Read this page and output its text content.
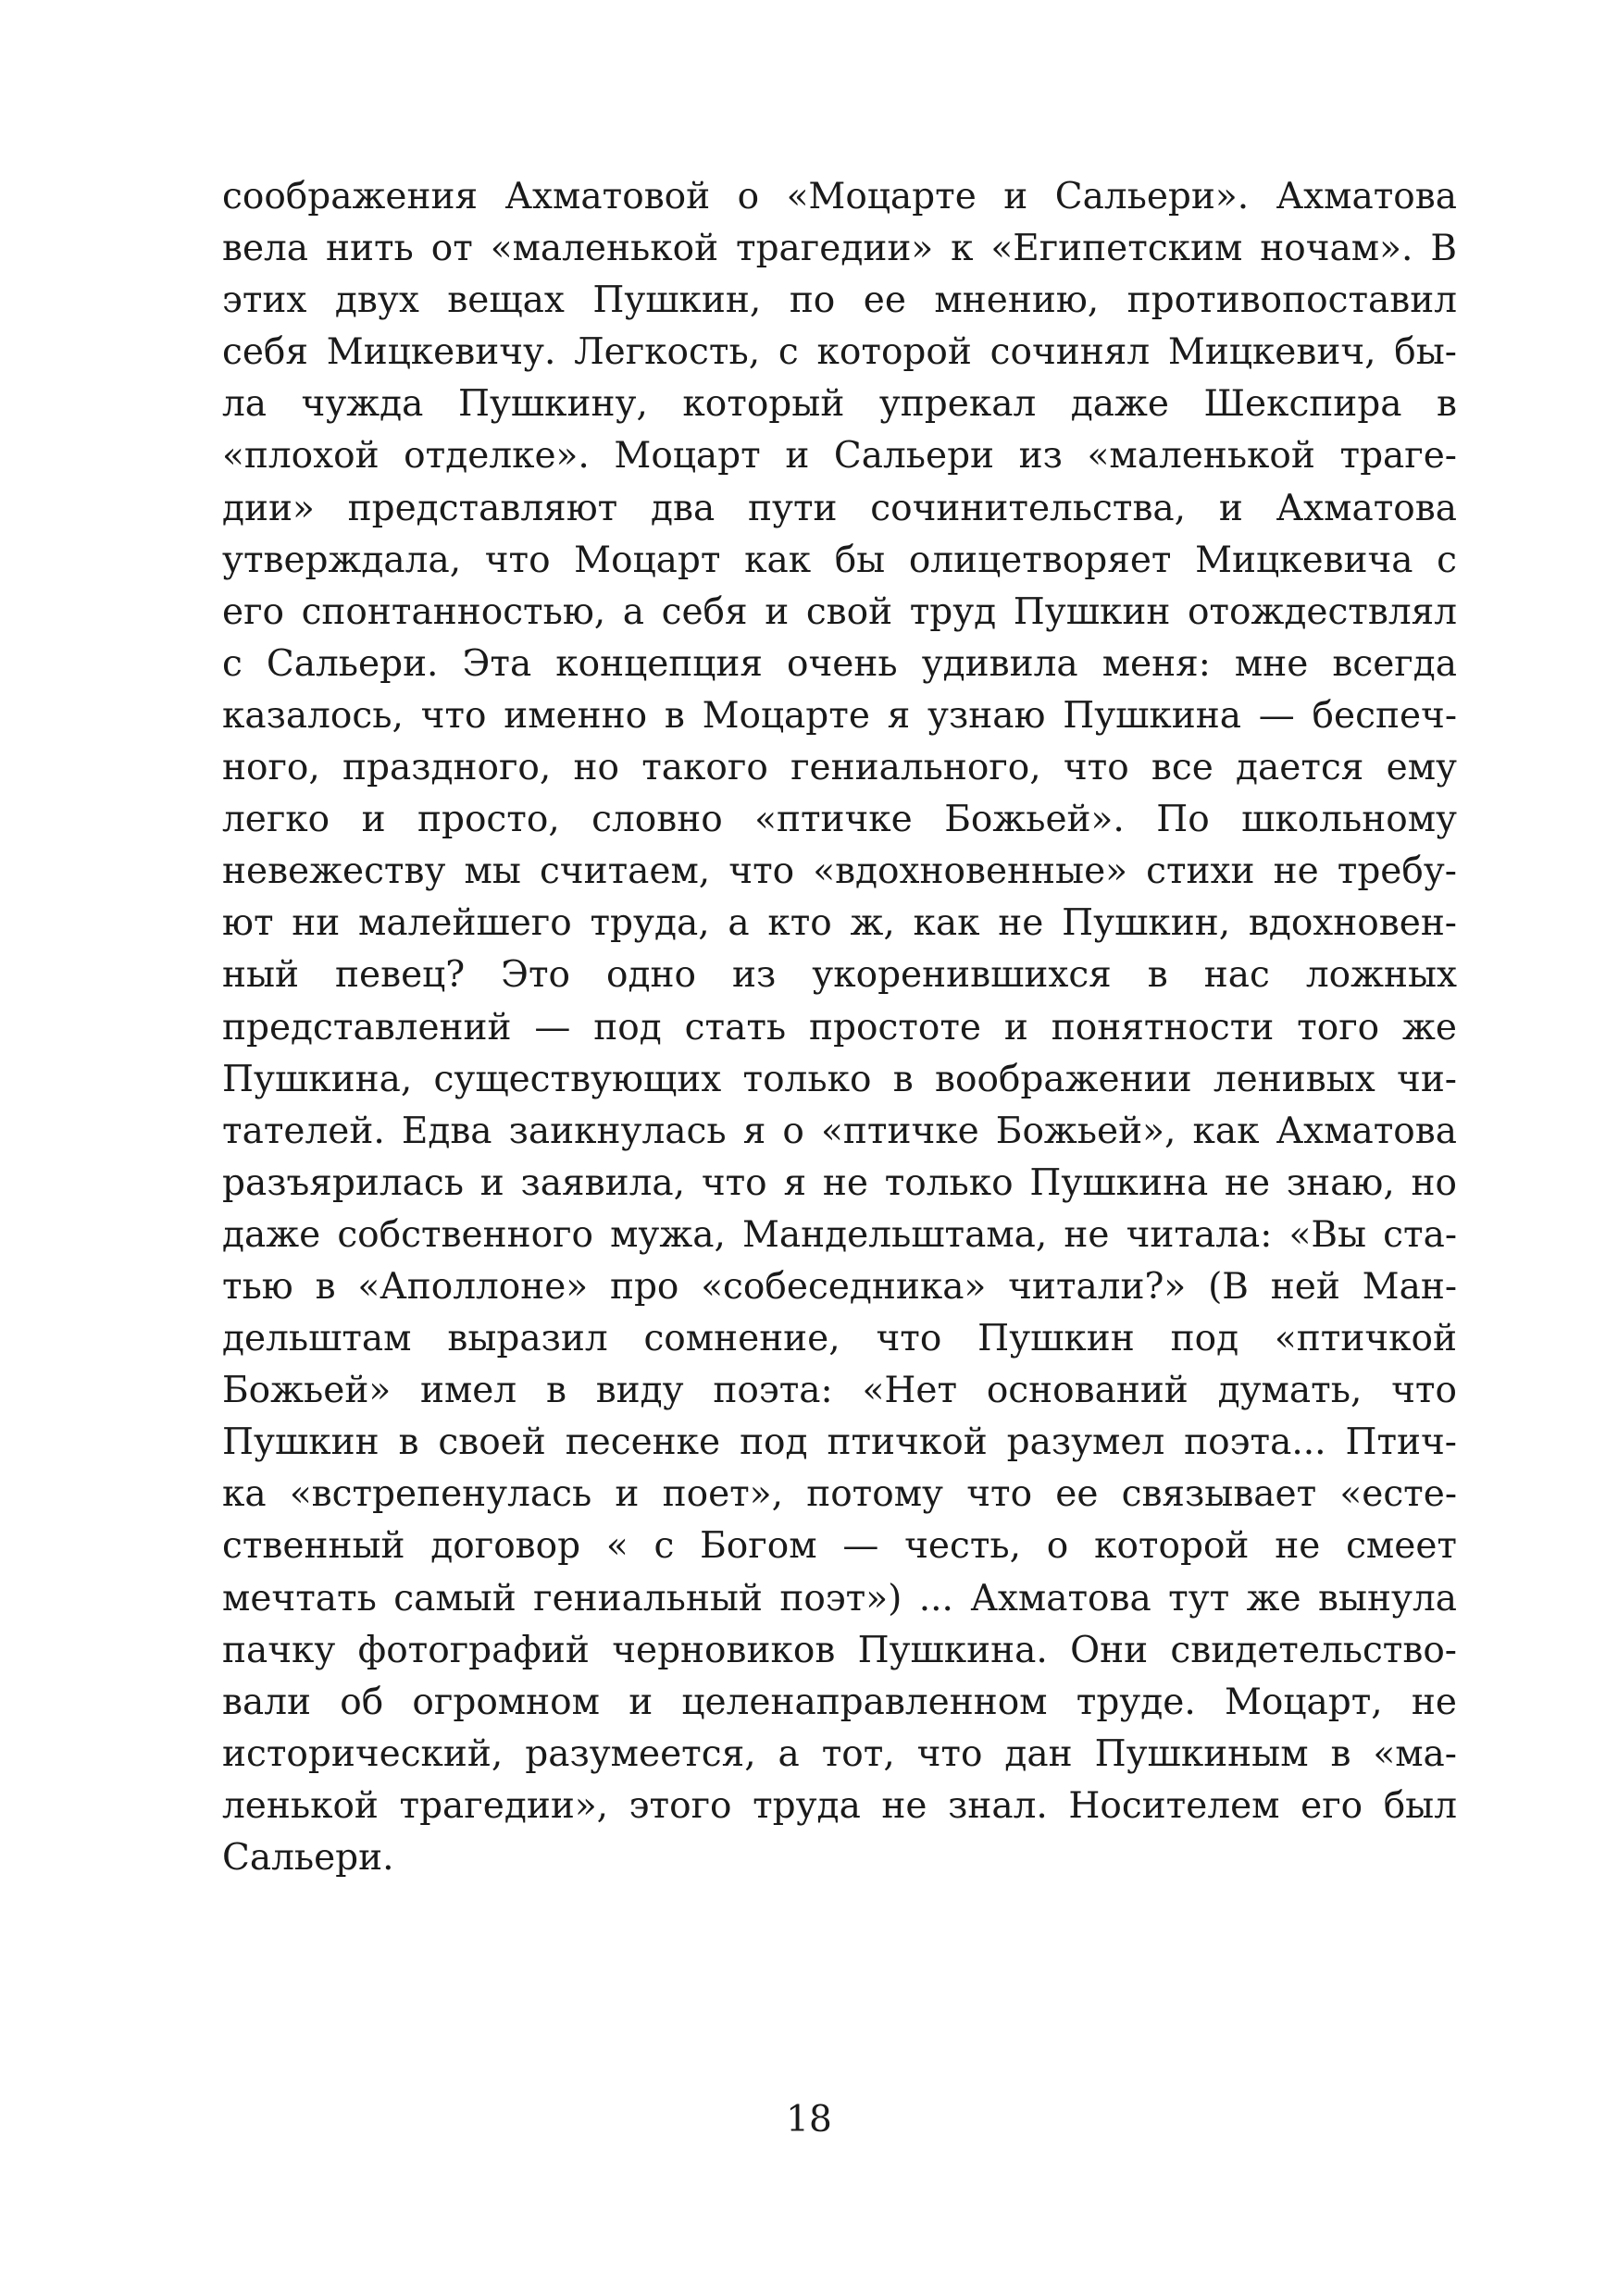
соображения Ахматовой о «Моцарте и Сальери». Ахматова
вела нить от «маленькой трагедии» к «Египетским ночам». В
этих двух вещах Пушкин, по ее мнению, противопоставил
себя Мицкевичу. Легкость, с которой сочинял Мицкевич, бы-
ла чужда Пушкину, который упрекал даже Шекспира в
«плохой отделке». Моцарт и Сальери из «маленькой траге-
дии» представляют два пути сочинительства, и Ахматова
утверждала, что Моцарт как бы олицетворяет Мицкевича с
его спонтанностью, а себя и свой труд Пушкин отождествлял
с Сальери. Эта концепция очень удивила меня: мне всегда
казалось, что именно в Моцарте я узнаю Пушкина — беспеч-
ного, праздного, но такого гениального, что все дается ему
легко и просто, словно «птичке Божьей». По школьному
невежеству мы считаем, что «вдохновенные» стихи не требу-
ют ни малейшего труда, а кто ж, как не Пушкин, вдохновен-
ный певец? Это одно из укоренившихся в нас ложных
представлений — под стать простоте и понятности того же
Пушкина, существующих только в воображении ленивых чи-
тателей. Едва заикнулась я о «птичке Божьей», как Ахматова
разъярилась и заявила, что я не только Пушкина не знаю, но
даже собственного мужа, Мандельштама, не читала: «Вы ста-
тью в «Аполлоне» про «собеседника» читали?» (В ней Ман-
дельштам выразил сомнение, что Пушкин под «птичкой
Божьей» имел в виду поэта: «Нет оснований думать, что
Пушкин в своей песенке под птичкой разумел поэта... Птич-
ка «встрепенулась и поет», потому что ее связывает «есте-
ственный договор « с Богом — честь, о которой не смеет
мечтать самый гениальный поэт») ... Ахматова тут же вынула
пачку фотографий черновиков Пушкина. Они свидетельство-
вали об огромном и целенаправленном труде. Моцарт, не
исторический, разумеется, а тот, что дан Пушкиным в «ма-
ленькой трагедии», этого труда не знал. Носителем его был
Сальери.
18
